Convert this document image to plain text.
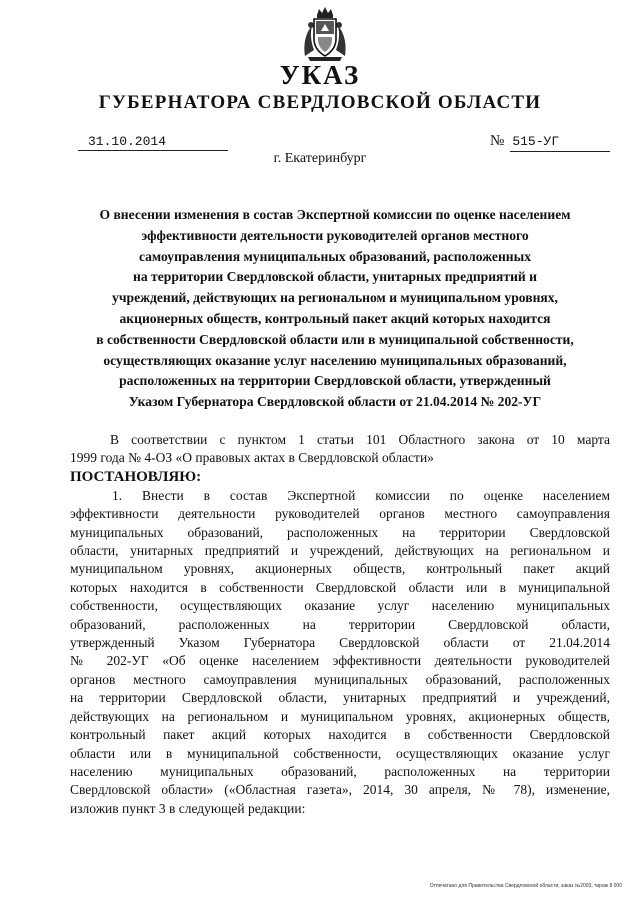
УКАЗ
ГУБЕРНАТОРА СВЕРДЛОВСКОЙ ОБЛАСТИ
31.10.2014	№ 515-УГ
г. Екатеринбург
О внесении изменения в состав Экспертной комиссии по оценке населением
эффективности деятельности руководителей органов местного
самоуправления муниципальных образований, расположенных
на территории Свердловской области, унитарных предприятий и
учреждений, действующих на региональном и муниципальном уровнях,
акционерных обществ, контрольный пакет акций которых находится
в собственности Свердловской области или в муниципальной собственности,
осуществляющих оказание услуг населению муниципальных образований,
расположенных на территории Свердловской области, утвержденный
Указом Губернатора Свердловской области от 21.04.2014 № 202-УГ
В соответствии с пунктом 1 статьи 101 Областного закона от 10 марта
1999 года № 4-ОЗ «О правовых актах в Свердловской области»
ПОСТАНОВЛЯЮ:
1. Внести в состав Экспертной комиссии по оценке населением
эффективности деятельности руководителей органов местного самоуправления
муниципальных образований, расположенных на территории Свердловской
области, унитарных предприятий и учреждений, действующих на региональном и
муниципальном уровнях, акционерных обществ, контрольный пакет акций
которых находится в собственности Свердловской области или в муниципальной
собственности, осуществляющих оказание услуг населению муниципальных
образований, расположенных на территории Свердловской области,
утвержденный Указом Губернатора Свердловской области от 21.04.2014
№ 202-УГ «Об оценке населением эффективности деятельности руководителей
органов местного самоуправления муниципальных образований, расположенных
на территории Свердловской области, унитарных предприятий и учреждений,
действующих на региональном и муниципальном уровнях, акционерных обществ,
контрольный пакет акций которых находится в собственности Свердловской
области или в муниципальной собственности, осуществляющих оказание услуг
населению муниципальных образований, расположенных на территории
Свердловской области» («Областная газета», 2014, 30 апреля, № 78), изменение,
изложив пункт 3 в следующей редакции:
Отпечатано для Правительства Свердловской области, заказ №2003, тираж 8 000
